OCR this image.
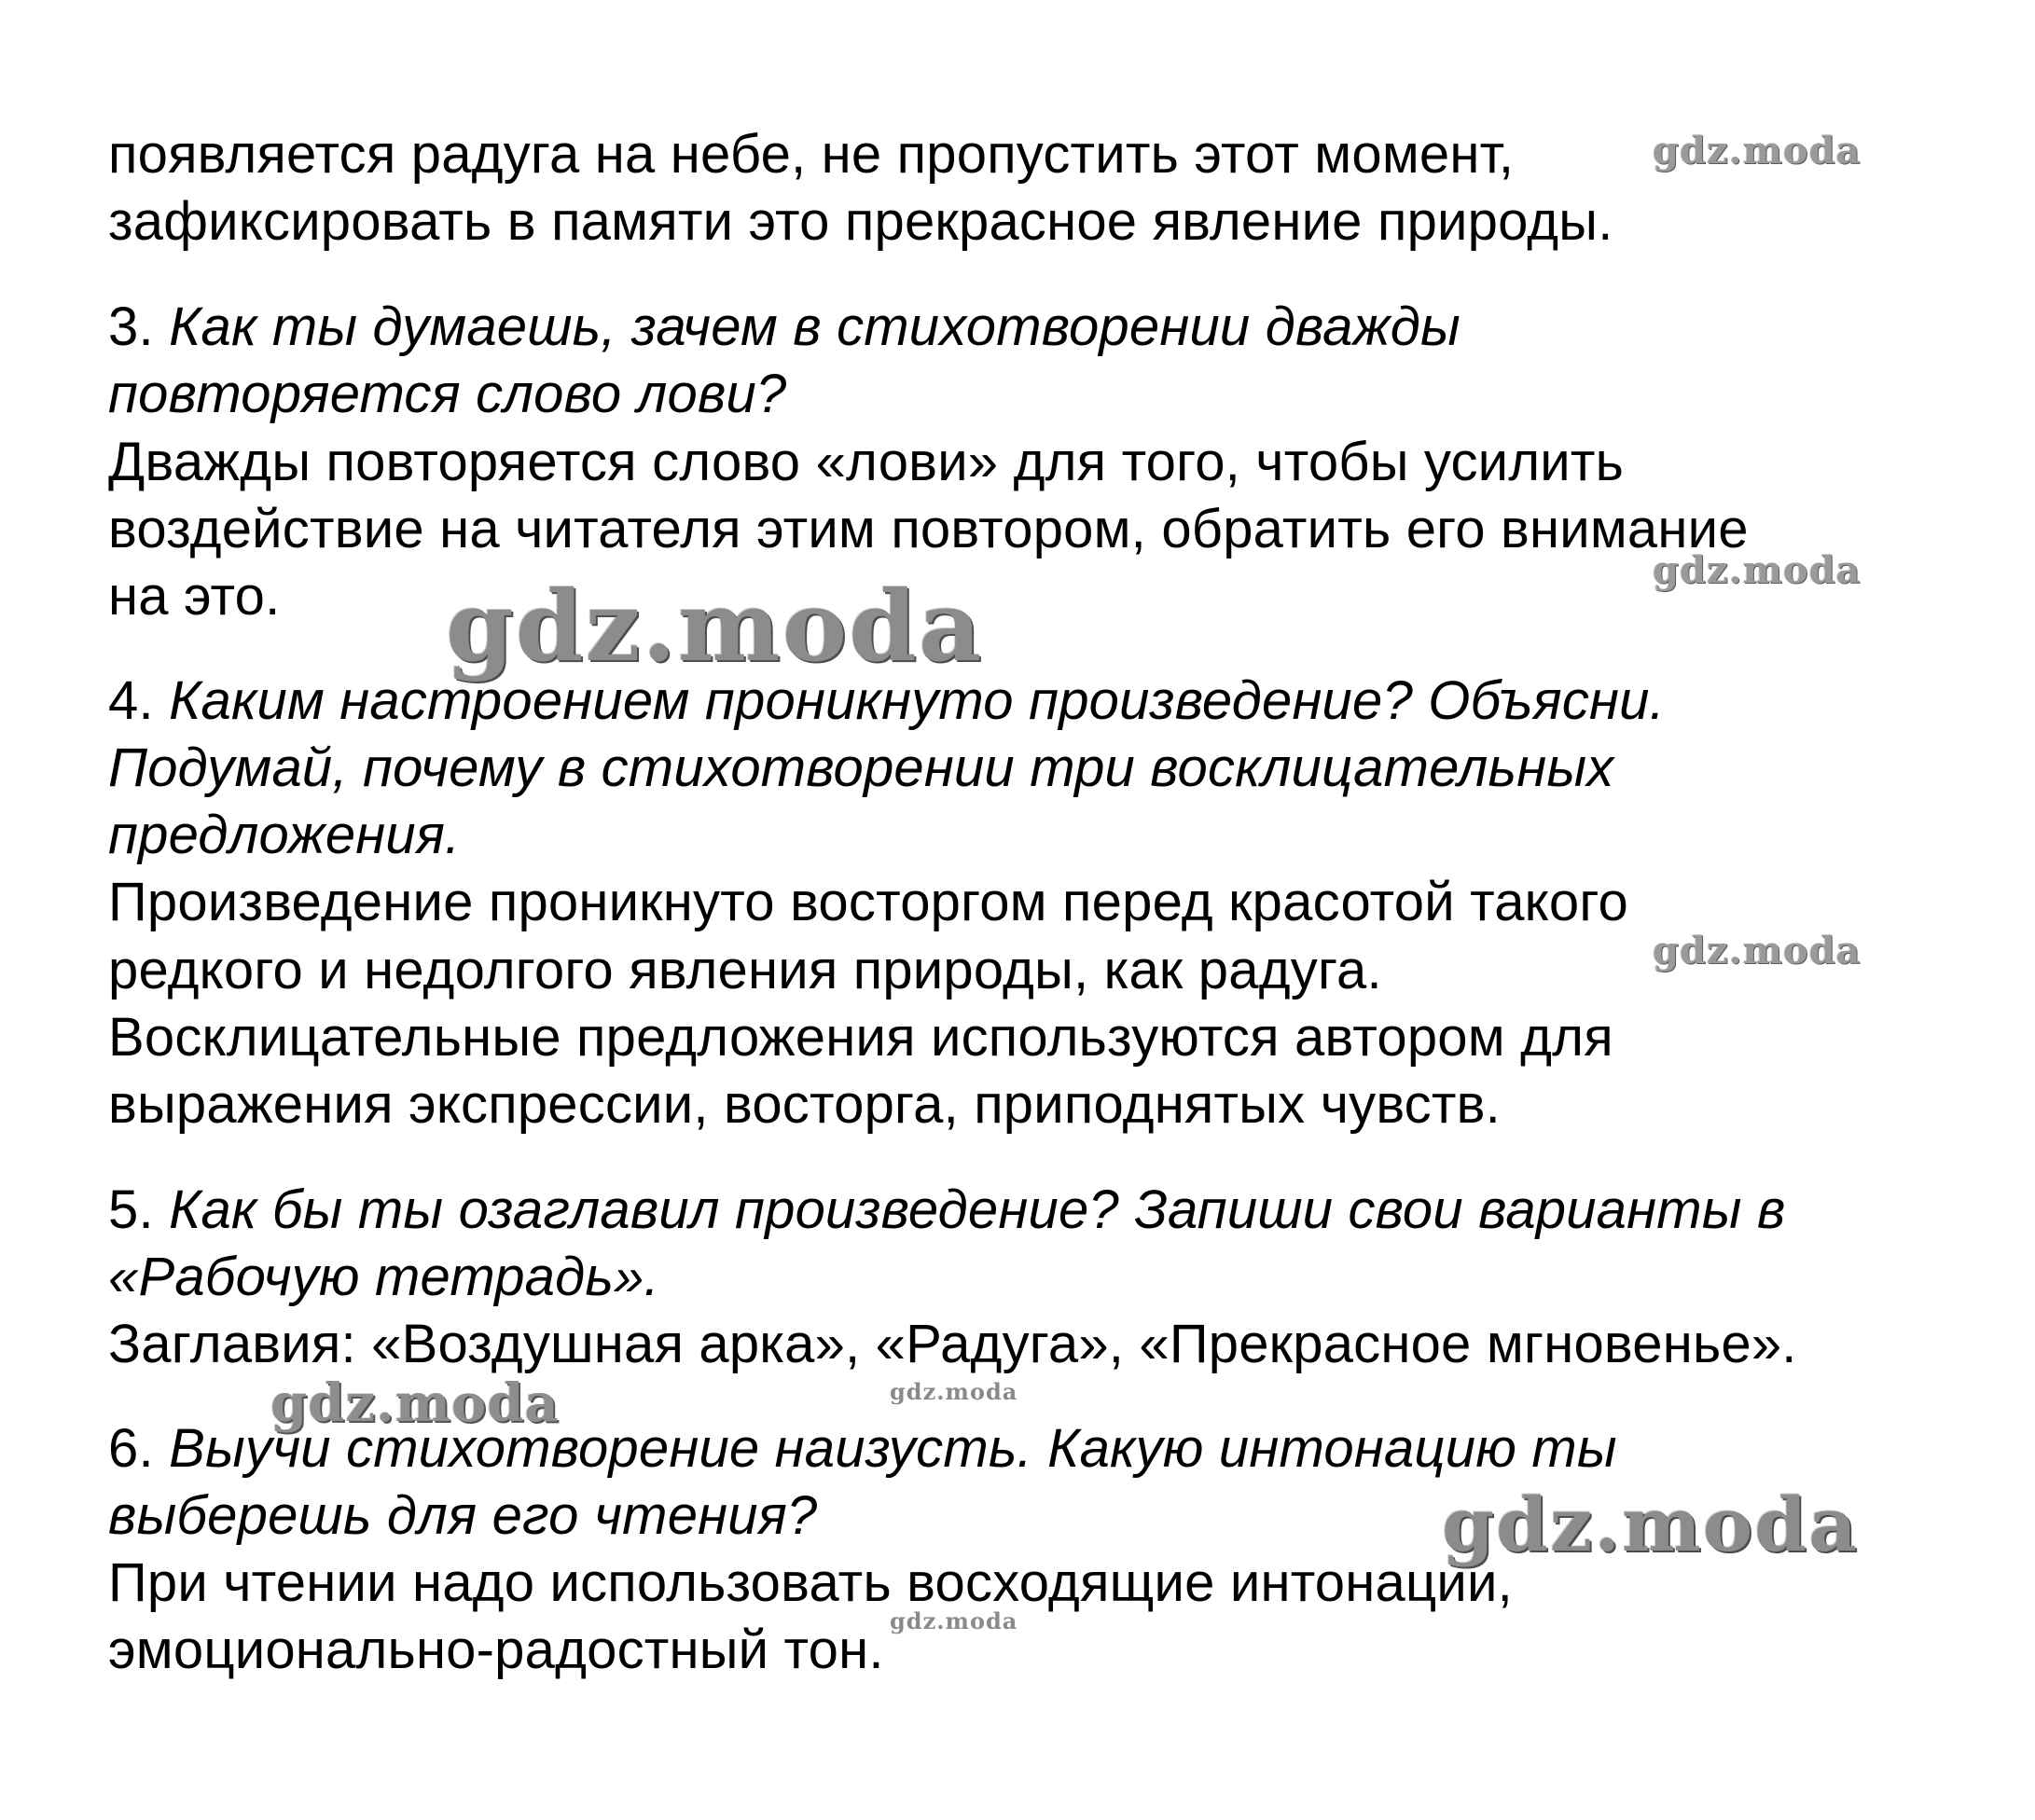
появляется радуга на небе, не пропустить этот момент,
зафиксировать в памяти это прекрасное явление природы.
3. Как ты думаешь, зачем в стихотворении дважды
повторяется слово лови?
Дважды повторяется слово «лови» для того, чтобы усилить
воздействие на читателя этим повтором, обратить его внимание
на это.
4. Каким настроением проникнуто произведение? Объясни.
Подумай, почему в стихотворении три восклицательных
предложения.
Произведение проникнуто восторгом перед красотой такого
редкого и недолгого явления природы, как радуга.
Восклицательные предложения используются автором для
выражения экспрессии, восторга, приподнятых чувств.
5. Как бы ты озаглавил произведение? Запиши свои варианты в
«Рабочую тетрадь».
Заглавия: «Воздушная арка», «Радуга», «Прекрасное мгновенье».
6. Выучи стихотворение наизусть. Какую интонацию ты
выберешь для его чтения?
При чтении надо использовать восходящие интонации,
эмоционально-радостный тон.
gdz.moda
gdz.moda
gdz.moda
gdz.moda
gdz.moda	gdz.moda
gdz.moda
gdz.moda
